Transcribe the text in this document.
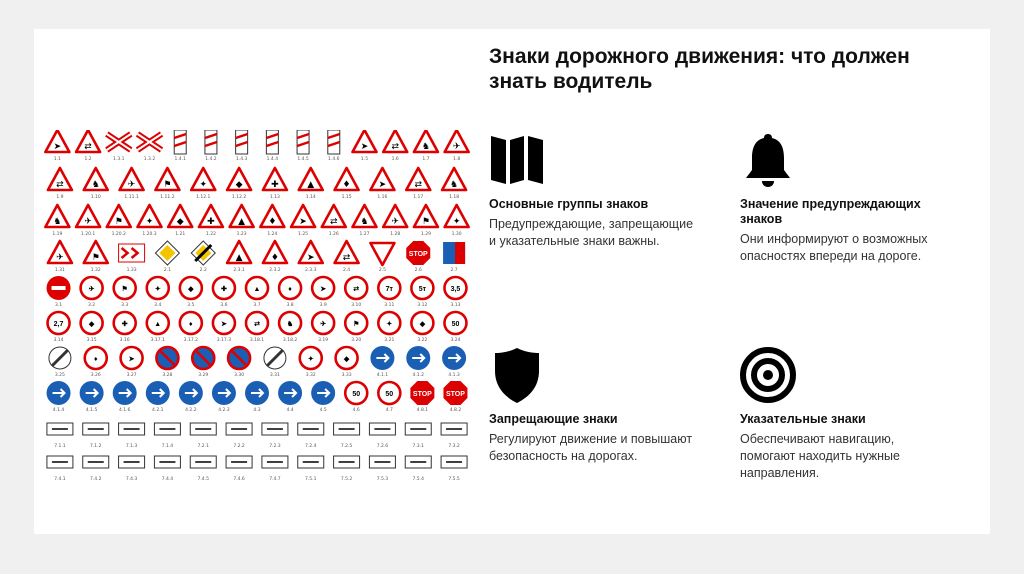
➤
1.1
⇄
1.2	1.3.1	1.3.2	1.4.1	1.4.2	1.4.3	1.4.4	1.4.5	1.4.6
➤
1.5
⇄
1.6
♞
1.7
✈
1.8
⇄
1.9
♞
1.10
✈
1.11.1
⚑
1.11.2
✦
1.12.1
◆
1.12.2
✚
1.13
▲
1.14
♦
1.15
➤
1.16
⇄
1.17
♞
1.18
♞
1.19
✈
1.20.1
⚑
1.20.2
✦
1.20.3
◆
1.21
✚
1.22
▲
1.23
♦
1.24
➤
1.25
⇄
1.26
♞
1.27
✈
1.28
⚑
1.29
✦
1.30
✈
1.31
⚑
1.32	1.33	2.1	2.2
▲
2.3.1
♦
2.3.2
➤
2.3.3
⇄
2.4	2.5
STOP
2.6	2.7
3.1
✈
3.2
⚑
3.3
✦
3.4
◆
3.5
✚
3.6
▲
3.7
♦
3.8
➤
3.9
⇄
3.10
7т
3.11
5т
3.12
3,5
3.13
2,7
3.14
◆
3.15
✚
3.16
▲
3.17.1
♦
3.17.2
➤
3.17.3
⇄
3.18.1
♞
3.18.2
✈
3.19
⚑
3.20
✦
3.21
◆
3.22
50
3.24
3.25
♦
3.26
➤
3.27	3.28	3.29	3.30	3.31
✦
3.32
◆
3.33	4.1.1	4.1.2	4.1.3
4.1.4	4.1.5	4.1.6	4.2.1	4.2.2	4.2.3	4.3	4.4	4.5
50
4.6
50
4.7
STOP
4.8.1
STOP
4.8.2
7.1.1	7.1.2	7.1.3	7.1.4	7.2.1	7.2.2	7.2.3	7.2.4	7.2.5	7.2.6	7.3.1	7.3.2
7.4.1	7.4.2	7.4.3	7.4.4	7.4.5	7.4.6	7.4.7	7.5.1	7.5.2	7.5.3	7.5.4	7.5.5
Знаки дорожного движения: что должен знать водитель
Основные группы знаков
Предупреждающие, запрещающие и указательные знаки важны.
Значение предупреждающих знаков
Они информируют о возможных опасностях впереди на дороге.
Запрещающие знаки
Регулируют движение и повышают безопасность на дорогах.
Указательные знаки
Обеспечивают навигацию, помогают находить нужные направления.
